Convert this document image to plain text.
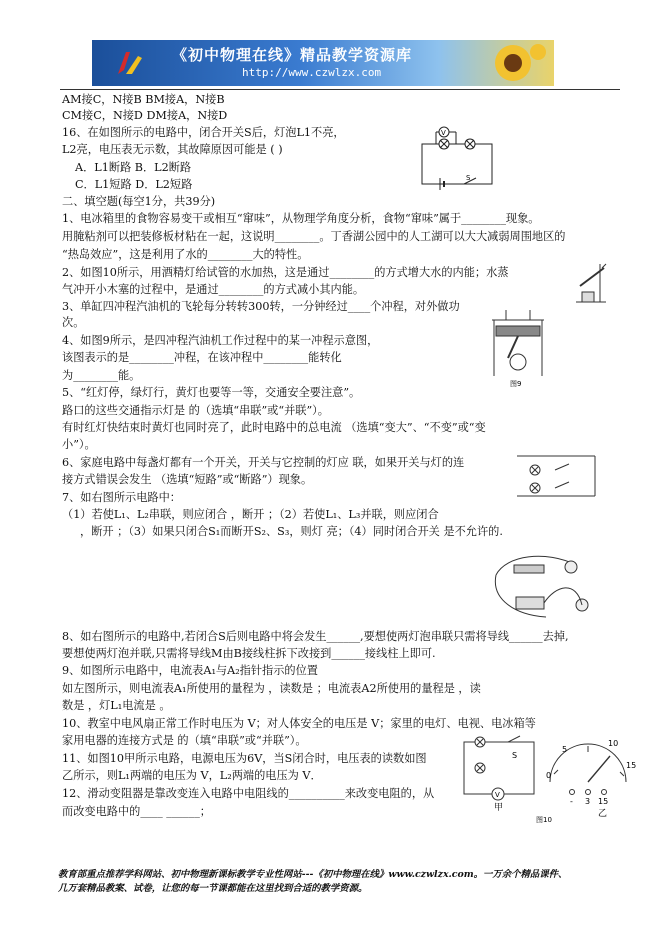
《初中物理在线》精品教学资源库
http://www.czwlzx.com
AM接C，N接B BM接A，N接B
CM接C，N接D DM接A，N接D
16、在如图所示的电路中，闭合开关S后，灯泡L1不亮，
L2亮，电压表无示数，其故障原因可能是 ( )
A．L1断路 B．L2断路
C．L1短路 D．L2短路
二、填空题(每空1分，共39分)
1、电冰箱里的食物容易变干或相互“窜味”，从物理学角度分析，食物“窜味”属于________现象。
用腌粘剂可以把装修板材粘在一起，这说明________。丁香湖公园中的人工湖可以大大减弱周围地区的
“热岛效应”，这是利用了水的________大的特性。
2、如图10所示，用酒精灯给试管的水加热，这是通过________的方式增大水的内能；水蒸
气冲开小木塞的过程中，是通过________的方式减小其内能。
3、单缸四冲程汽油机的飞轮每分转转300转，一分钟经过____个冲程，对外做功
次。
4、如图9所示，是四冲程汽油机工作过程中的某一冲程示意图，
该图表示的是________冲程，在该冲程中________能转化
为________能。
5、“红灯停，绿灯行，黄灯也要等一等，交通安全要注意”。
路口的这些交通指示灯是 的（选填“串联”或“并联”）。
有时红灯快结束时黄灯也同时亮了，此时电路中的总电流 （选填“变大”、“不变”或“变
小”）。
6、家庭电路中每盏灯都有一个开关，开关与它控制的灯应 联，如果开关与灯的连
接方式错误会发生 （选填“短路”或“断路”）现象。
7、如右图所示电路中：
（1）若使L₁、L₂串联，则应闭合 ，断开 ；（2）若使L₁、L₃并联，则应闭合
，断开 ；（3）如果只闭合S₁而断开S₂、S₃，则灯 亮；（4）同时闭合开关 是不允许的.
8、如右图所示的电路中,若闭合S后则电路中将会发生______,要想使两灯泡串联只需将导线______去掉,
要想使两灯泡并联,只需将导线M由B接线柱拆下改接到______接线柱上即可.
9、如图所示电路中，电流表A₁与A₂指针指示的位置
如左图所示，则电流表A₁所使用的量程为 ，读数是 ；电流表A2所使用的量程是 ，读
数是 ，灯L₁电流是 。
10、教室中电风扇正常工作时电压为 V；对人体安全的电压是 V；家里的电灯、电视、电冰箱等
家用电器的连接方式是 的（填“串联”或“并联”）。
11、如图10甲所示电路，电源电压为6V，当S闭合时，电压表的读数如图
乙所示，则L₁两端的电压为 V，L₂两端的电压为 V．
12、滑动变阻器是靠改变连入电路中电阻线的__________来改变电阻的，从
而改变电路中的____ ______；
V
S
图9
S
V
甲
0
5
10
15
- 3 15
乙
图10
教育部重点推荐学科网站、初中物理新课标教学专业性网站---《初中物理在线》www.czwlzx.com。一万余个精品课件、
几万套精品教案、试卷，让您的每一节课都能在这里找到合适的教学资源。
